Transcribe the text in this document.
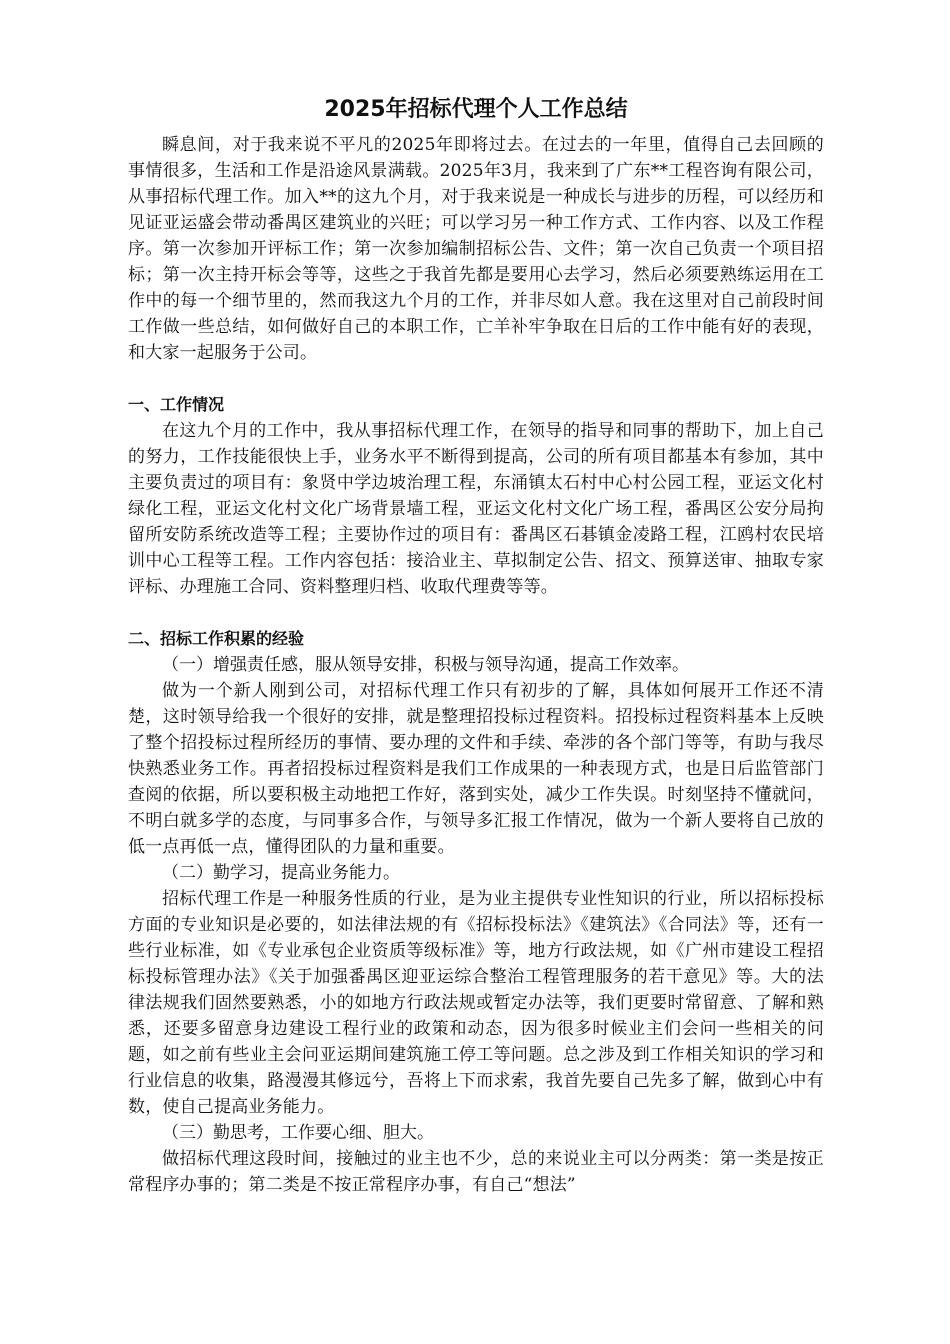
2025年招标代理个人工作总结

瞬息间，对于我来说不平凡的2025年即将过去。在过去的一年里，值得自己去回顾的事情很多，生活和工作是沿途风景满载。2025年3月，我来到了广东**工程咨询有限公司，从事招标代理工作。加入**的这九个月，对于我来说是一种成长与进步的历程，可以经历和见证亚运盛会带动番禺区建筑业的兴旺；可以学习另一种工作方式、工作内容、以及工作程序。第一次参加开评标工作；第一次参加编制招标公告、文件；第一次自己负责一个项目招标；第一次主持开标会等等，这些之于我首先都是要用心去学习，然后必须要熟练运用在工作中的每一个细节里的，然而我这九个月的工作，并非尽如人意。我在这里对自己前段时间工作做一些总结，如何做好自己的本职工作，亡羊补牢争取在日后的工作中能有好的表现，和大家一起服务于公司。

一、工作情况

在这九个月的工作中，我从事招标代理工作，在领导的指导和同事的帮助下，加上自己的努力，工作技能很快上手，业务水平不断得到提高，公司的所有项目都基本有参加，其中主要负责过的项目有：象贤中学边坡治理工程，东涌镇太石村中心村公园工程，亚运文化村绿化工程，亚运文化村文化广场背景墙工程，亚运文化村文化广场工程，番禺区公安分局拘留所安防系统改造等工程；主要协作过的项目有：番禺区石碁镇金凌路工程，江鸥村农民培训中心工程等工程。工作内容包括：接洽业主、草拟制定公告、招文、预算送审、抽取专家评标、办理施工合同、资料整理归档、收取代理费等等。

二、招标工作积累的经验

（一）增强责任感，服从领导安排，积极与领导沟通，提高工作效率。

做为一个新人刚到公司，对招标代理工作只有初步的了解，具体如何展开工作还不清楚，这时领导给我一个很好的安排，就是整理招投标过程资料。招投标过程资料基本上反映了整个招投标过程所经历的事情、要办理的文件和手续、牵涉的各个部门等等，有助与我尽快熟悉业务工作。再者招投标过程资料是我们工作成果的一种表现方式，也是日后监管部门查阅的依据，所以要积极主动地把工作好，落到实处，减少工作失误。时刻坚持不懂就问，不明白就多学的态度，与同事多合作，与领导多汇报工作情况，做为一个新人要将自己放的低一点再低一点，懂得团队的力量和重要。

（二）勤学习，提高业务能力。

招标代理工作是一种服务性质的行业，是为业主提供专业性知识的行业，所以招标投标方面的专业知识是必要的，如法律法规的有《招标投标法》《建筑法》《合同法》等，还有一些行业标准，如《专业承包企业资质等级标准》等，地方行政法规，如《广州市建设工程招标投标管理办法》《关于加强番禺区迎亚运综合整治工程管理服务的若干意见》等。大的法律法规我们固然要熟悉，小的如地方行政法规或暂定办法等，我们更要时常留意、了解和熟悉，还要多留意身边建设工程行业的政策和动态，因为很多时候业主们会问一些相关的问题，如之前有些业主会问亚运期间建筑施工停工等问题。总之涉及到工作相关知识的学习和行业信息的收集，路漫漫其修远兮，吾将上下而求索，我首先要自己先多了解，做到心中有数，使自己提高业务能力。

（三）勤思考，工作要心细、胆大。

做招标代理这段时间，接触过的业主也不少，总的来说业主可以分两类：第一类是按正常程序办事的；第二类是不按正常程序办事，有自己“想法”
